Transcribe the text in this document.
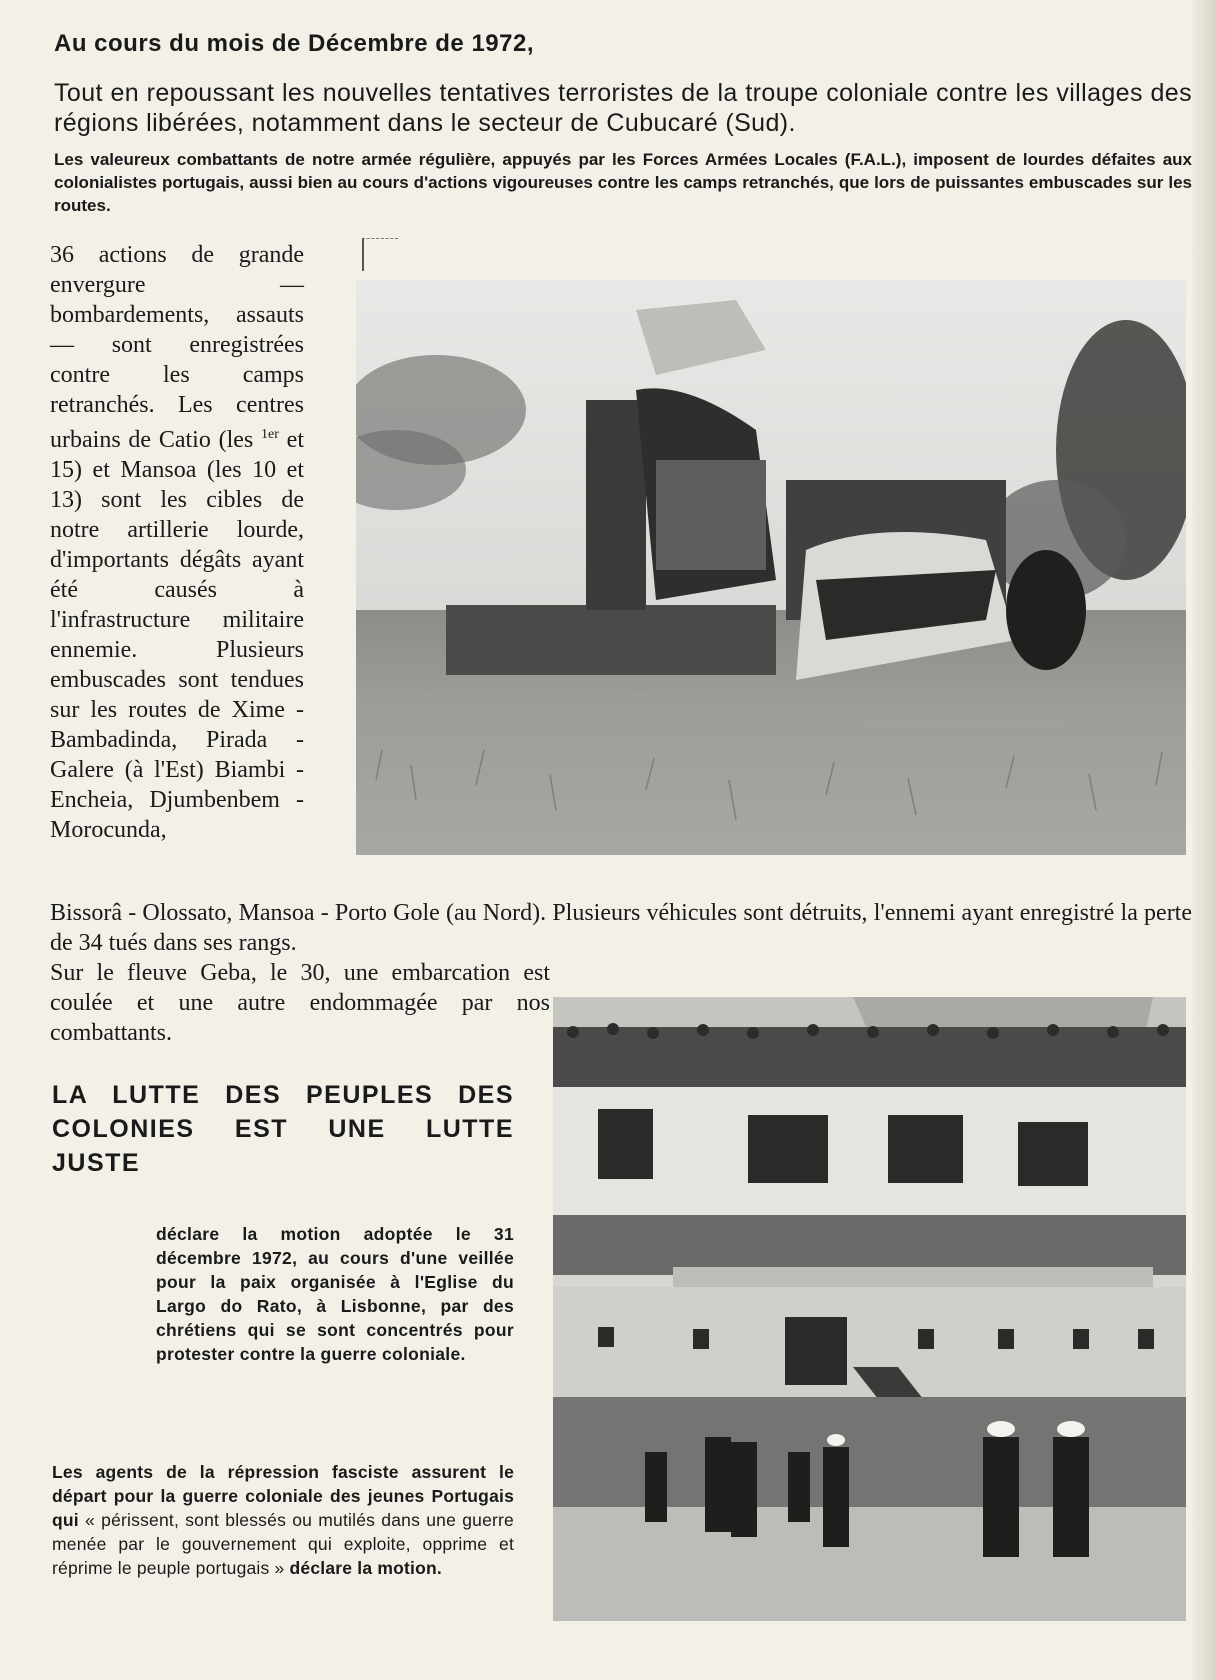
Au cours du mois de Décembre de 1972,

Tout en repoussant les nouvelles tentatives terroristes de la troupe coloniale contre les villages des régions libérées, notamment dans le secteur de Cubucaré (Sud).

Les valeureux combattants de notre armée régulière, appuyés par les Forces Armées Locales (F.A.L.), imposent de lourdes défaites aux colonialistes portugais, aussi bien au cours d'actions vigoureuses contre les camps retranchés, que lors de puissantes embuscades sur les routes.

36 actions de grande envergure — bombardements, assauts — sont enregistrées contre les camps retranchés. Les centres urbains de Catio (les $^{1er}$ et 15) et Mansoa (les 10 et 13) sont les cibles de notre artillerie lourde, d'importants dégâts ayant été causés à l'infrastructure militaire ennemie. Plusieurs embuscades sont tendues sur les routes de Xime - Bambadinda, Pirada - Galere (à l'Est) Biambi - Encheia, Djumbenbem - Morocunda,

Bissorâ - Olossato, Mansoa - Porto Gole (au Nord). Plusieurs véhicules sont détruits, l'ennemi ayant enregistré la perte de 34 tués dans ses rangs.
Sur le fleuve Geba, le 30, une embarcation est coulée et une autre endommagée par nos combattants.

LA LUTTE DES PEUPLES DES COLONIES EST UNE LUTTE JUSTE

déclare la motion adoptée le 31 décembre 1972, au cours d'une veillée pour la paix organisée à l'Eglise du Largo do Rato, à Lisbonne, par des chrétiens qui se sont concentrés pour protester contre la guerre coloniale.

Les agents de la répression fasciste assurent le départ pour la guerre coloniale des jeunes Portugais qui « périssent, sont blessés ou mutilés dans une guerre menée par le gouvernement qui exploite, opprime et réprime le peuple portugais » déclare la motion.
